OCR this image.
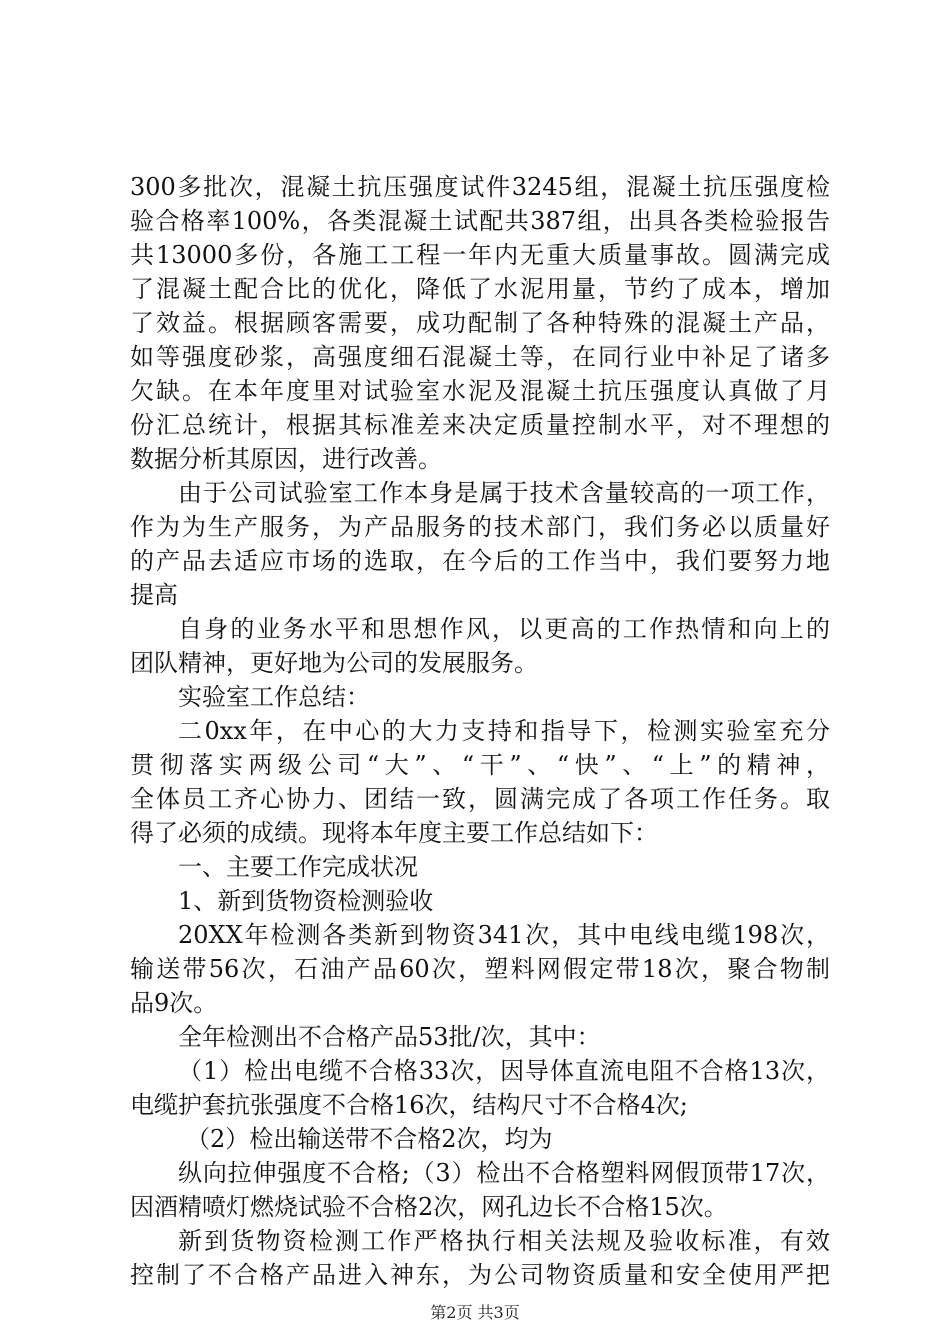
300多批次，混凝土抗压强度试件3245组，混凝土抗压强度检
验合格率100%，各类混凝土试配共387组，出具各类检验报告
共13000多份，各施工工程一年内无重大质量事故。圆满完成
了混凝土配合比的优化，降低了水泥用量，节约了成本，增加
了效益。根据顾客需要，成功配制了各种特殊的混凝土产品，
如等强度砂浆，高强度细石混凝土等，在同行业中补足了诸多
欠缺。在本年度里对试验室水泥及混凝土抗压强度认真做了月
份汇总统计，根据其标准差来决定质量控制水平，对不理想的
数据分析其原因，进行改善。
由于公司试验室工作本身是属于技术含量较高的一项工作，
作为为生产服务，为产品服务的技术部门，我们务必以质量好
的产品去适应市场的选取，在今后的工作当中，我们要努力地
提高
自身的业务水平和思想作风，以更高的工作热情和向上的
团队精神，更好地为公司的发展服务。
实验室工作总结：
二0xx年，在中心的大力支持和指导下，检测实验室充分
贯彻落实两级公司“大”、“干”、“快”、“上”的精神，
全体员工齐心协力、团结一致，圆满完成了各项工作任务。取
得了必须的成绩。现将本年度主要工作总结如下：
一、主要工作完成状况
1、新到货物资检测验收
20XX年检测各类新到物资341次，其中电线电缆198次，
输送带56次，石油产品60次，塑料网假定带18次，聚合物制
品9次。
全年检测出不合格产品53批/次，其中：
（1）检出电缆不合格33次，因导体直流电阻不合格13次，
电缆护套抗张强度不合格16次，结构尺寸不合格4次;
（2）检出输送带不合格2次，均为
纵向拉伸强度不合格;（3）检出不合格塑料网假顶带17次，
因酒精喷灯燃烧试验不合格2次，网孔边长不合格15次。
新到货物资检测工作严格执行相关法规及验收标准，有效
控制了不合格产品进入神东，为公司物资质量和安全使用严把
第2页 共3页
